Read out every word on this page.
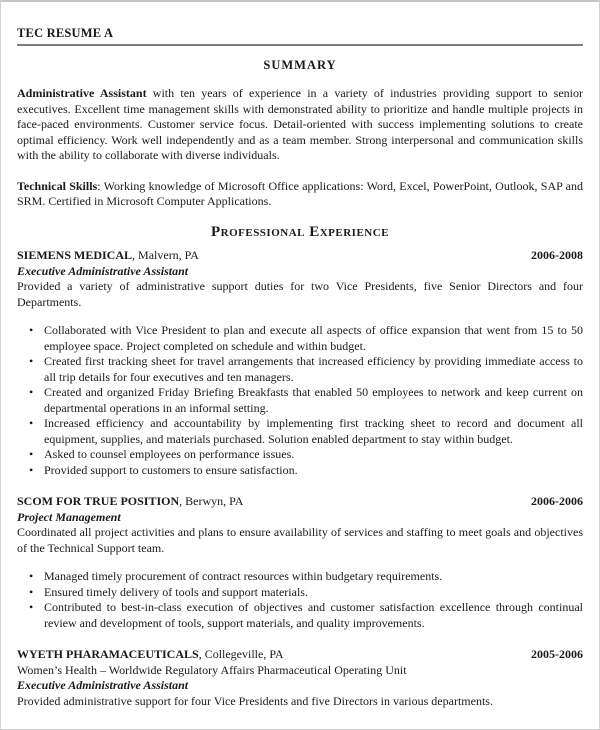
TEC RESUME A
SUMMARY

Administrative Assistant with ten years of experience in a variety of industries providing support to senior executives. Excellent time management skills with demonstrated ability to prioritize and handle multiple projects in face-paced environments. Customer service focus. Detail-oriented with success implementing solutions to create optimal efficiency. Work well independently and as a team member. Strong interpersonal and communication skills with the ability to collaborate with diverse individuals.

Technical Skills: Working knowledge of Microsoft Office applications: Word, Excel, PowerPoint, Outlook, SAP and SRM. Certified in Microsoft Computer Applications.

Professional Experience
SIEMENS MEDICAL, Malvern, PA	2006-2008
Executive Administrative Assistant

Provided a variety of administrative support duties for two Vice Presidents, five Senior Directors and four Departments.

• Collaborated with Vice President to plan and execute all aspects of office expansion that went from 15 to 50 employee space. Project completed on schedule and within budget.
• Created first tracking sheet for travel arrangements that increased efficiency by providing immediate access to all trip details for four executives and ten managers.
• Created and organized Friday Briefing Breakfasts that enabled 50 employees to network and keep current on departmental operations in an informal setting.
• Increased efficiency and accountability by implementing first tracking sheet to record and document all equipment, supplies, and materials purchased. Solution enabled department to stay within budget.
• Asked to counsel employees on performance issues.
• Provided support to customers to ensure satisfaction.
SCOM FOR TRUE POSITION, Berwyn, PA	2006-2006
Project Management

Coordinated all project activities and plans to ensure availability of services and staffing to meet goals and objectives of the Technical Support team.

• Managed timely procurement of contract resources within budgetary requirements.
• Ensured timely delivery of tools and support materials.
• Contributed to best-in-class execution of objectives and customer satisfaction excellence through continual review and development of tools, support materials, and quality improvements.
WYETH PHARAMACEUTICALS, Collegeville, PA	2005-2006
Women’s Health – Worldwide Regulatory Affairs Pharmaceutical Operating Unit
Executive Administrative Assistant

Provided administrative support for four Vice Presidents and five Directors in various departments.
